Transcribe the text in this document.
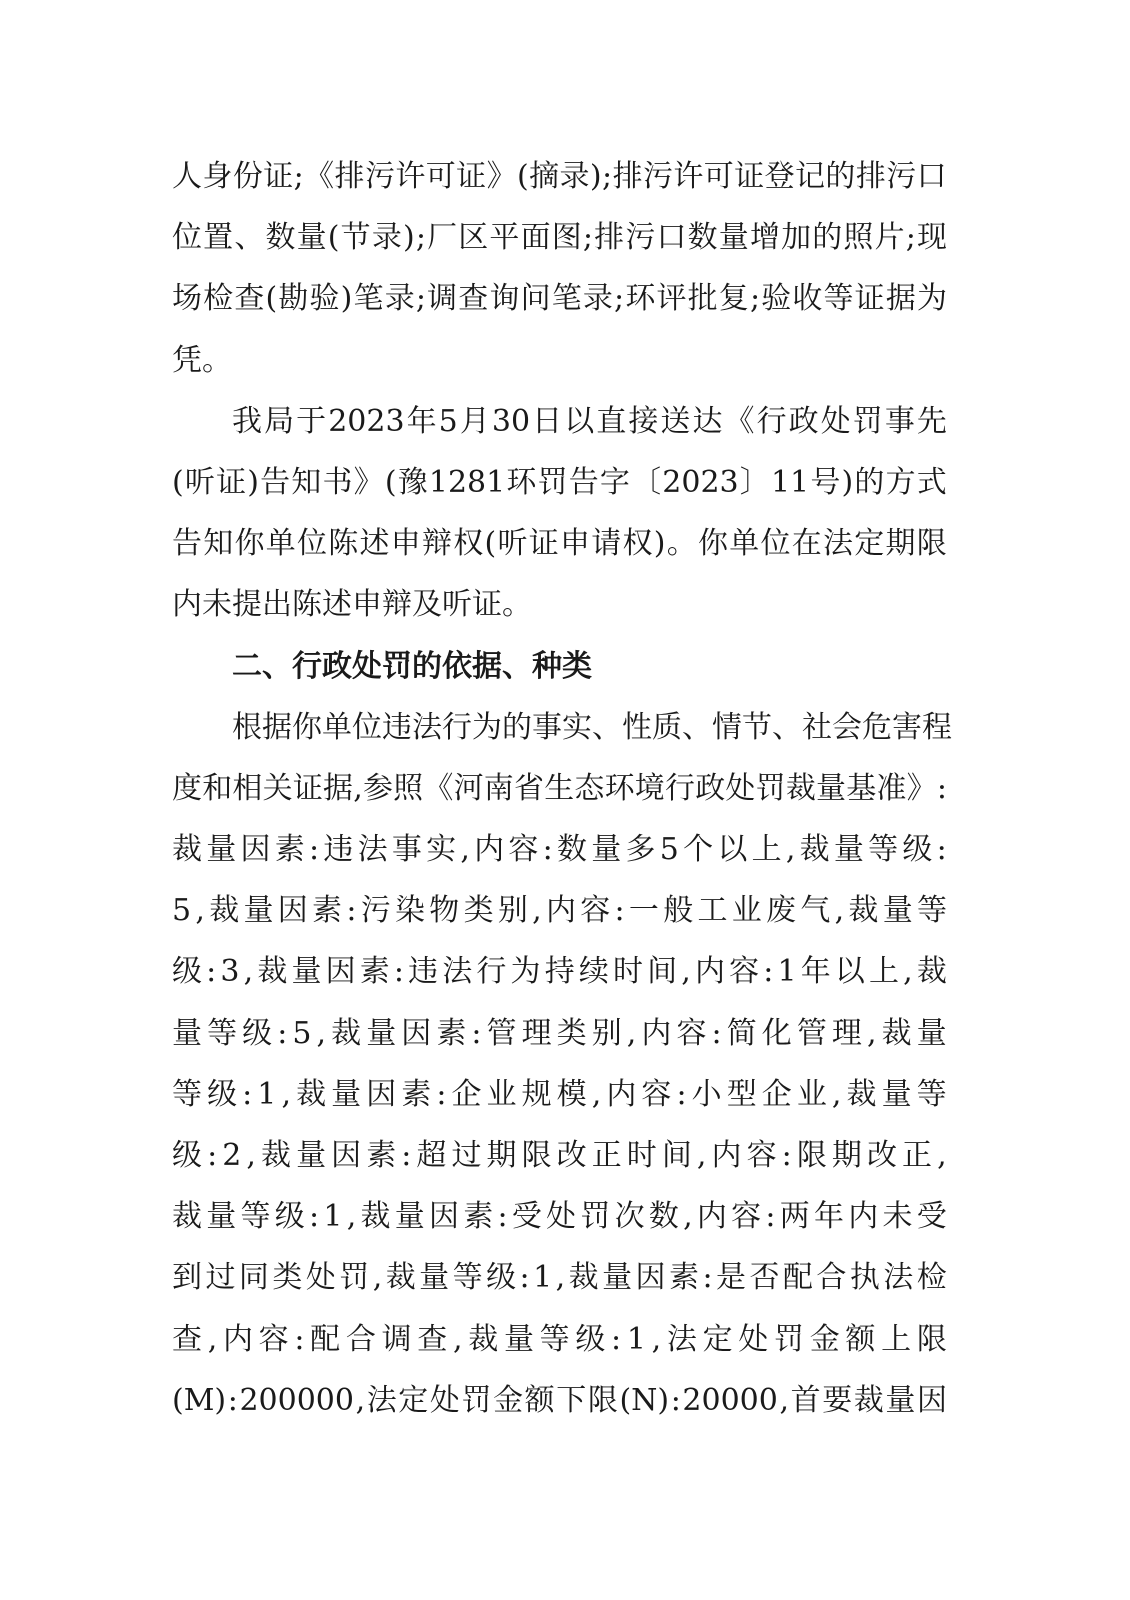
人 身 份 证 ; 《 排 污 许 可 证 》 ( 摘 录 ) ; 排 污 许 可 证 登 记 的 排 污 口
位 置 、 数 量 ( 节 录 ) ; 厂 区 平 面 图 ; 排 污 口 数 量 增 加 的 照 片 ; 现
场 检 查 ( 勘 验 ) 笔 录 ; 调 查 询 问 笔 录 ; 环 评 批 复 ; 验 收 等 证 据 为
凭。
我 局 于 2023 年 5 月 30 日 以 直 接 送 达 《 行 政 处 罚 事 先
( 听 证 ) 告 知 书 》 ( 豫 1281 环 罚 告 字 〔 2023 〕 11 号 ) 的 方 式
告 知 你 单 位 陈 述 申 辩 权 ( 听 证 申 请 权 ) 。 你 单 位 在 法 定 期 限
内未提出陈述申辩及听证。
二、行政处罚的依据、种类
根 据 你 单 位 违 法 行 为 的 事 实 、 性 质 、 情 节 、 社 会 危 害 程
度 和 相 关 证 据 , 参 照 《 河 南 省 生 态 环 境 行 政 处 罚 裁 量 基 准 》 :
裁 量 因 素 : 违 法 事 实 , 内 容 : 数 量 多 5 个 以 上 , 裁 量 等 级 :
5 , 裁 量 因 素 : 污 染 物 类 别 , 内 容 : 一 般 工 业 废 气 , 裁 量 等
级 : 3 , 裁 量 因 素 : 违 法 行 为 持 续 时 间 , 内 容 : 1 年 以 上 , 裁
量 等 级 : 5 , 裁 量 因 素 : 管 理 类 别 , 内 容 : 简 化 管 理 , 裁 量
等 级 : 1 , 裁 量 因 素 : 企 业 规 模 , 内 容 : 小 型 企 业 , 裁 量 等
级 : 2 , 裁 量 因 素 : 超 过 期 限 改 正 时 间 , 内 容 : 限 期 改 正 ,
裁 量 等 级 : 1 , 裁 量 因 素 : 受 处 罚 次 数 , 内 容 : 两 年 内 未 受
到 过 同 类 处 罚 , 裁 量 等 级 : 1 , 裁 量 因 素 : 是 否 配 合 执 法 检
查 , 内 容 : 配 合 调 查 , 裁 量 等 级 : 1 , 法 定 处 罚 金 额 上 限
(M) : 200000 , 法 定 处 罚 金 额 下 限 (N) : 20000 , 首 要 裁 量 因
